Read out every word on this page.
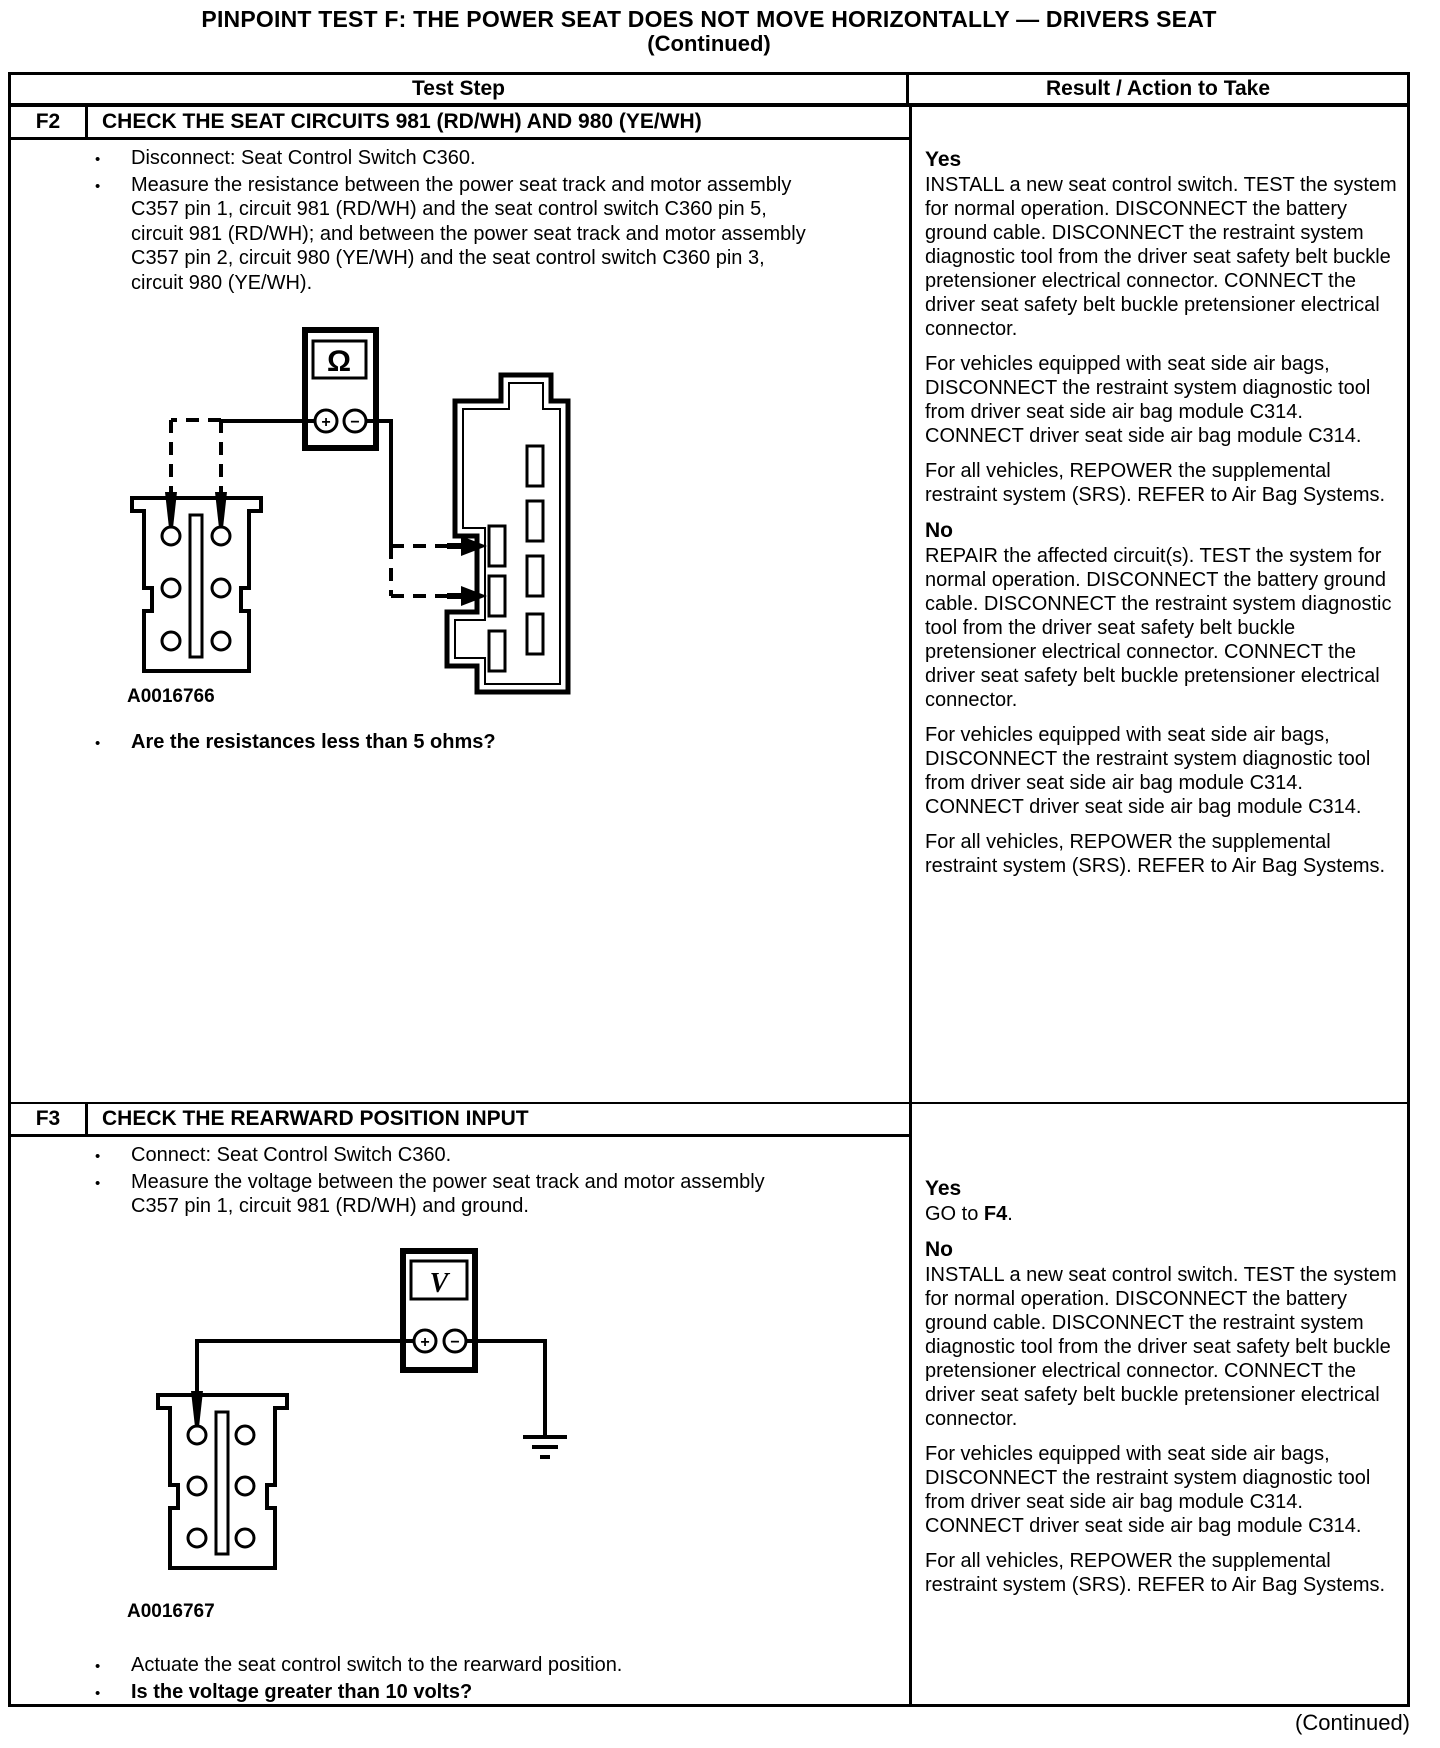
PINPOINT TEST F: THE POWER SEAT DOES NOT MOVE HORIZONTALLY — DRIVERS SEAT
(Continued)
Test Step	Result / Action to Take
F2	CHECK THE SEAT CIRCUITS 981 (RD/WH) AND 980 (YE/WH)
•
Disconnect: Seat Control Switch C360.
•
Measure the resistance between the power seat track and motor assembly C357 pin 1, circuit 981 (RD/WH) and the seat control switch C360 pin 5, circuit 981 (RD/WH); and between the power seat track and motor assembly C357 pin 2, circuit 980 (YE/WH) and the seat control switch C360 pin 3, circuit 980 (YE/WH).
Ω
+ −
A0016766
•
Are the resistances less than 5 ohms?

Yes

INSTALL a new seat control switch. TEST the system for normal operation. DISCONNECT the battery ground cable. DISCONNECT the restraint system diagnostic tool from the driver seat safety belt buckle pretensioner electrical connector. CONNECT the driver seat safety belt buckle pretensioner electrical connector.

For vehicles equipped with seat side air bags, DISCONNECT the restraint system diagnostic tool from driver seat side air bag module C314. CONNECT driver seat side air bag module C314.

For all vehicles, REPOWER the supplemental restraint system (SRS). REFER to Air Bag Systems.

No

REPAIR the affected circuit(s). TEST the system for normal operation. DISCONNECT the battery ground cable. DISCONNECT the restraint system diagnostic tool from the driver seat safety belt buckle pretensioner electrical connector. CONNECT the driver seat safety belt buckle pretensioner electrical connector.

For vehicles equipped with seat side air bags, DISCONNECT the restraint system diagnostic tool from driver seat side air bag module C314. CONNECT driver seat side air bag module C314.

For all vehicles, REPOWER the supplemental restraint system (SRS). REFER to Air Bag Systems.

F3	CHECK THE REARWARD POSITION INPUT
•
Connect: Seat Control Switch C360.
•
Measure the voltage between the power seat track and motor assembly C357 pin 1, circuit 981 (RD/WH) and ground.
V
+ −
A0016767
•
Actuate the seat control switch to the rearward position.
•
Is the voltage greater than 10 volts?

Yes

GO to F4.

No

INSTALL a new seat control switch. TEST the system for normal operation. DISCONNECT the battery ground cable. DISCONNECT the restraint system diagnostic tool from the driver seat safety belt buckle pretensioner electrical connector. CONNECT the driver seat safety belt buckle pretensioner electrical connector.

For vehicles equipped with seat side air bags, DISCONNECT the restraint system diagnostic tool from driver seat side air bag module C314. CONNECT driver seat side air bag module C314.

For all vehicles, REPOWER the supplemental restraint system (SRS). REFER to Air Bag Systems.

(Continued)
